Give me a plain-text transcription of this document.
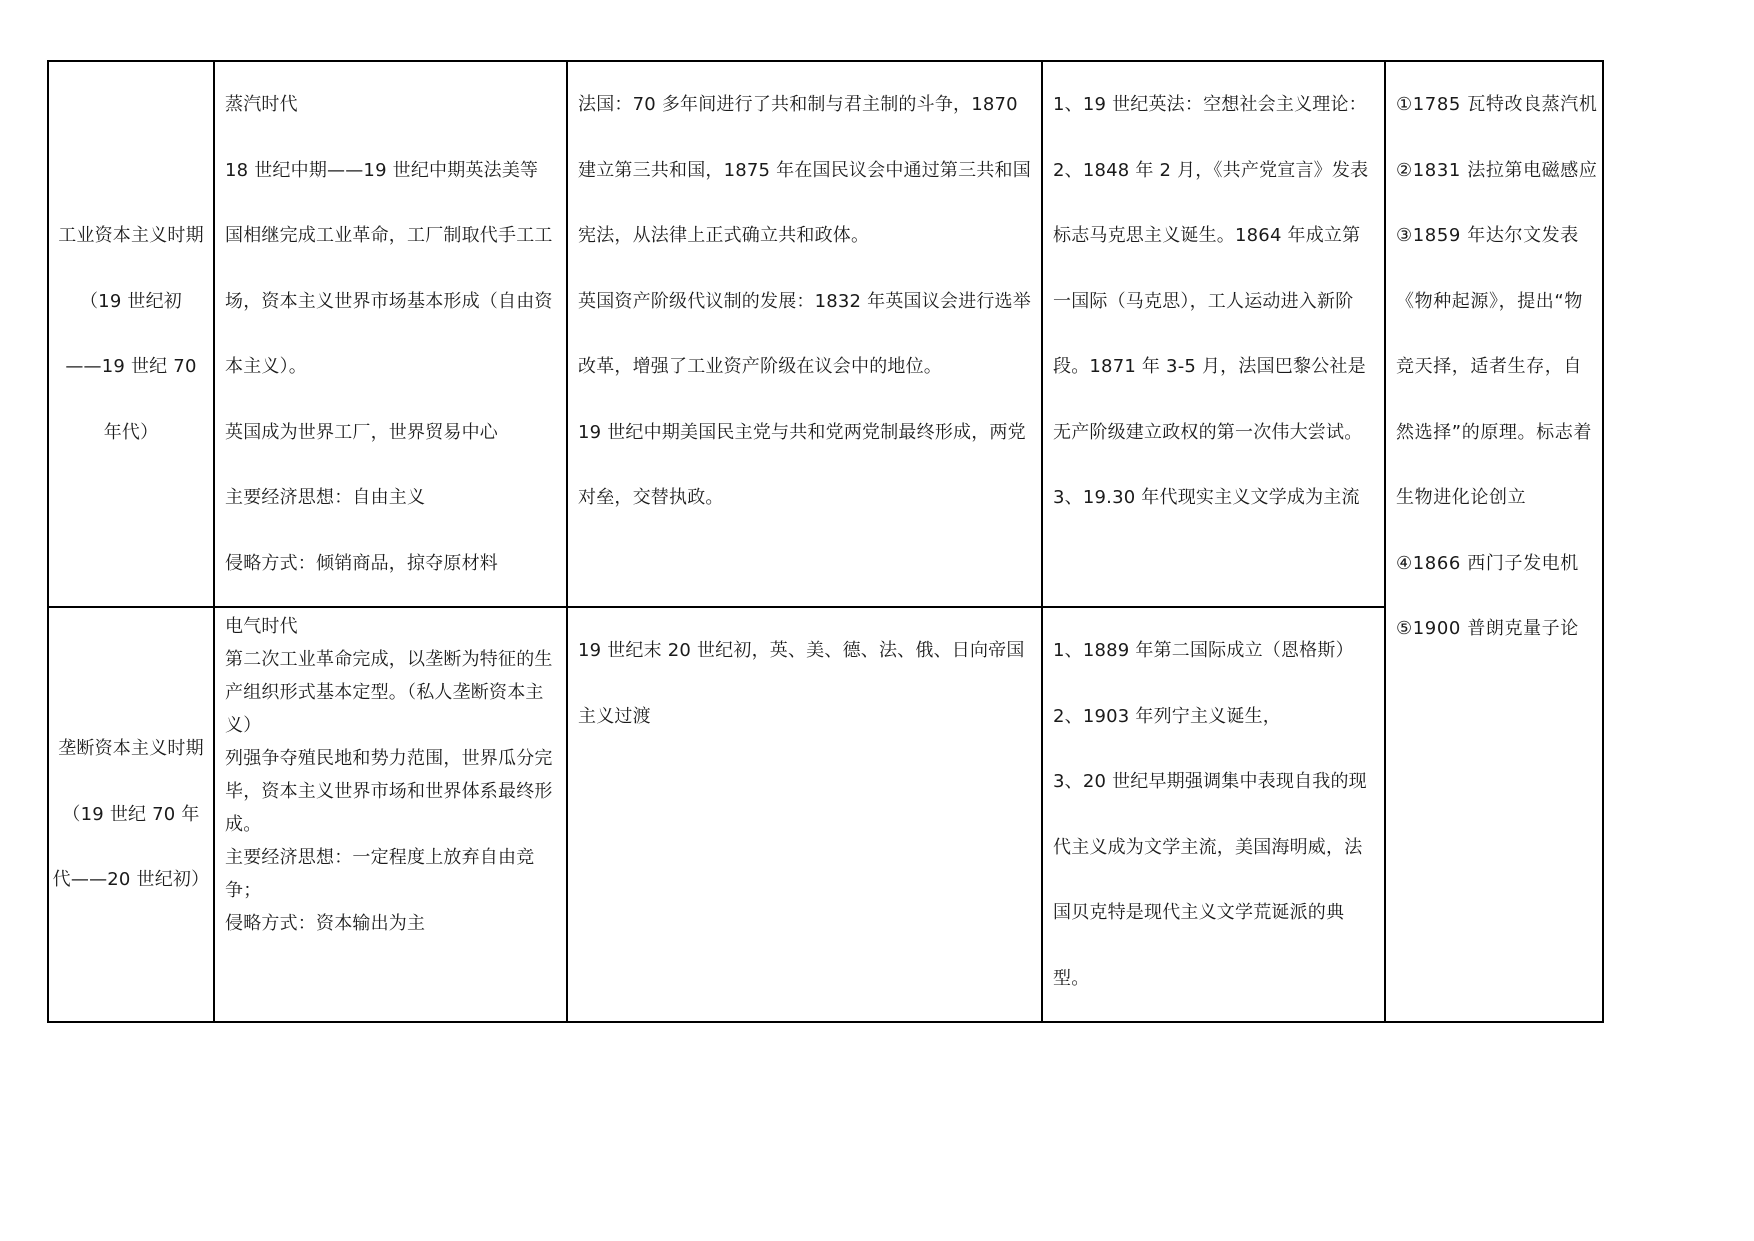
工业资本主义时期
（19 世纪初
——19 世纪 70
年代）	蒸汽时代
18 世纪中期——19 世纪中期英法美等国相继完成工业革命，工厂制取代手工工场，资本主义世界市场基本形成（自由资本主义）。
英国成为世界工厂，世界贸易中心
主要经济思想：自由主义
侵略方式：倾销商品，掠夺原材料	法国：70 多年间进行了共和制与君主制的斗争，1870 建立第三共和国，1875 年在国民议会中通过第三共和国宪法，从法律上正式确立共和政体。
英国资产阶级代议制的发展：1832 年英国议会进行选举改革，增强了工业资产阶级在议会中的地位。
19 世纪中期美国民主党与共和党两党制最终形成，两党对垒，交替执政。	1、19 世纪英法：空想社会主义理论：
2、1848 年 2 月，《共产党宣言》发表标志马克思主义诞生。1864 年成立第一国际（马克思），工人运动进入新阶段。1871 年 3-5 月，法国巴黎公社是无产阶级建立政权的第一次伟大尝试。
3、19.30 年代现实主义文学成为主流	①1785 瓦特改良蒸汽机②1831 法拉第电磁感应③1859 年达尔文发表《物种起源》，提出“物竞天择，适者生存，自然选择”的原理。标志着生物进化论创立
④1866 西门子发电机
⑤1900 普朗克量子论

垄断资本主义时期
（19 世纪 70 年
代——20 世纪初）	电气时代
第二次工业革命完成，以垄断为特征的生产组织形式基本定型。（私人垄断资本主义）
列强争夺殖民地和势力范围，世界瓜分完毕，资本主义世界市场和世界体系最终形成。
主要经济思想：一定程度上放弃自由竞争；
侵略方式：资本输出为主	19 世纪末 20 世纪初，英、美、德、法、俄、日向帝国主义过渡	1、1889 年第二国际成立（恩格斯）
2、1903 年列宁主义诞生，
3、20 世纪早期强调集中表现自我的现代主义成为文学主流，美国海明威，法国贝克特是现代主义文学荒诞派的典型。	
